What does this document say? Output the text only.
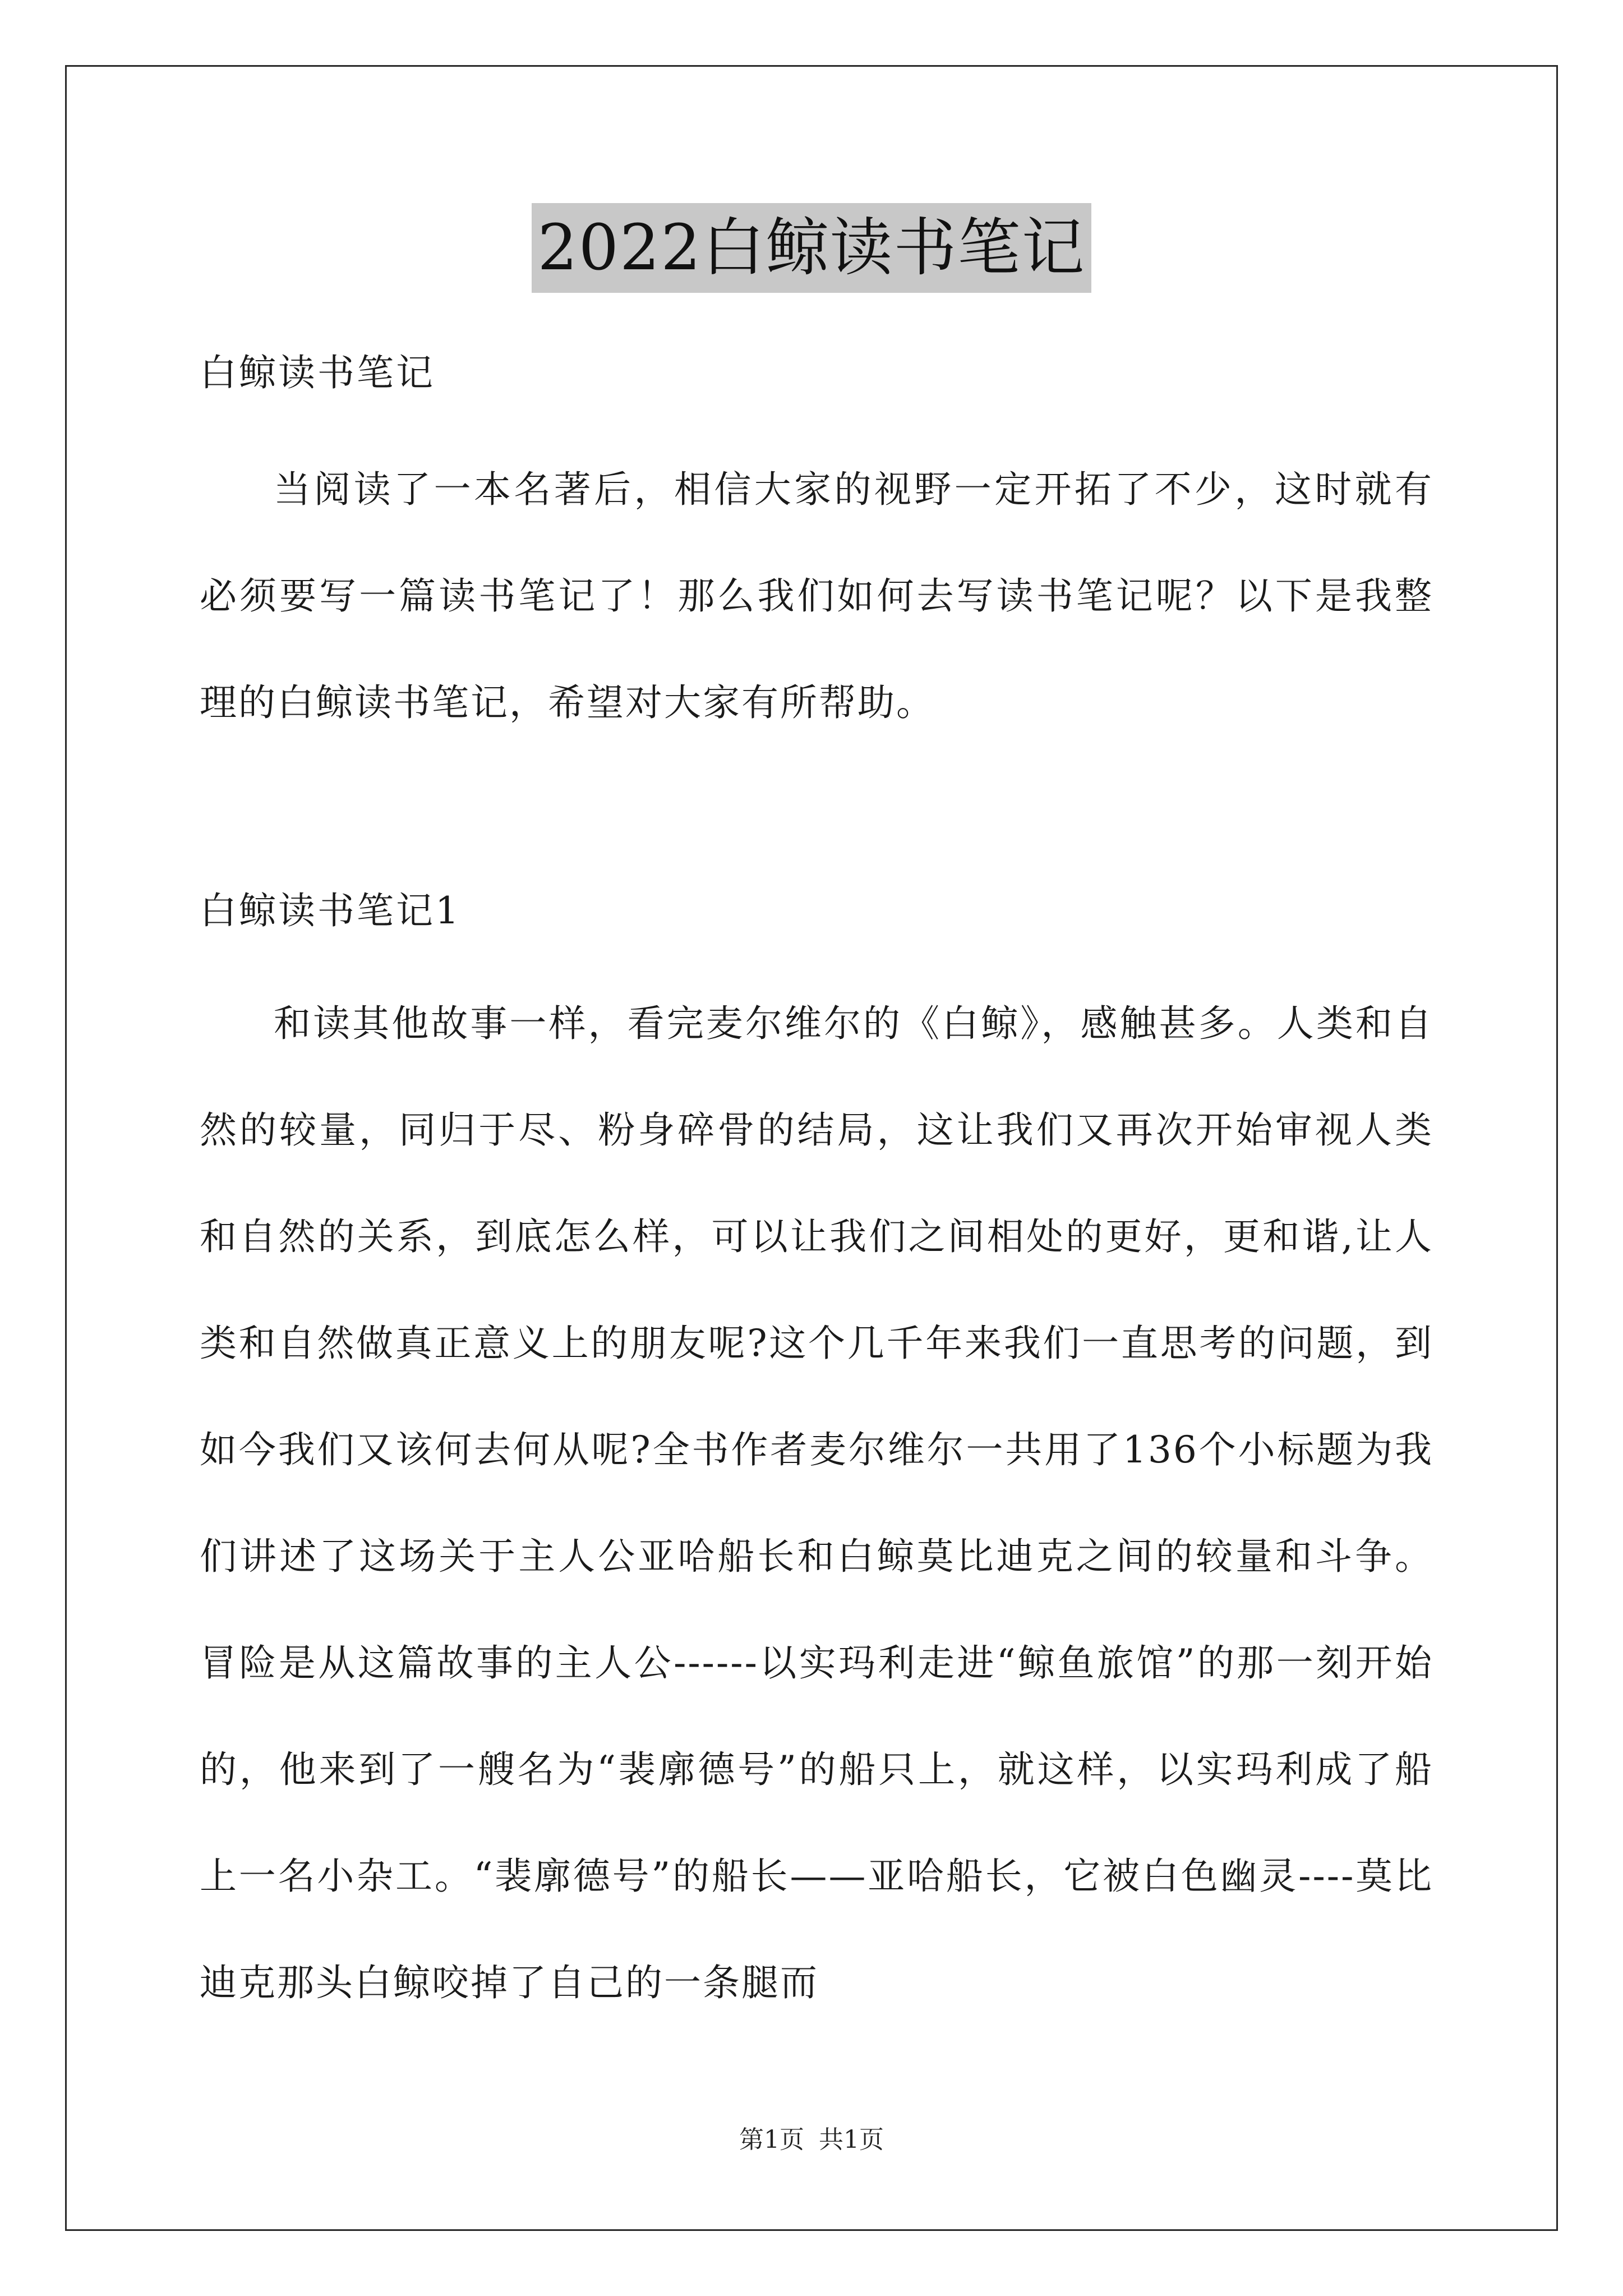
2022白鲸读书笔记
白鲸读书笔记

当阅读了一本名著后，相信大家的视野一定开拓了不少，这时就有必须要写一篇读书笔记了！那么我们如何去写读书笔记呢？以下是我整理的白鲸读书笔记，希望对大家有所帮助。

白鲸读书笔记1

和读其他故事一样，看完麦尔维尔的《白鲸》，感触甚多。人类和自然的较量，同归于尽、粉身碎骨的结局，这让我们又再次开始审视人类和自然的关系，到底怎么样，可以让我们之间相处的更好，更和谐,让人类和自然做真正意义上的朋友呢?这个几千年来我们一直思考的问题，到如今我们又该何去何从呢?全书作者麦尔维尔一共用了136个小标题为我们讲述了这场关于主人公亚哈船长和白鲸莫比迪克之间的较量和斗争。冒险是从这篇故事的主人公------以实玛利走进“鲸鱼旅馆”的那一刻开始的，他来到了一艘名为“裴廓德号”的船只上，就这样，以实玛利成了船上一名小杂工。“裴廓德号”的船长——亚哈船长，它被白色幽灵----莫比迪克那头白鲸咬掉了自己的一条腿而

第1页 共1页
